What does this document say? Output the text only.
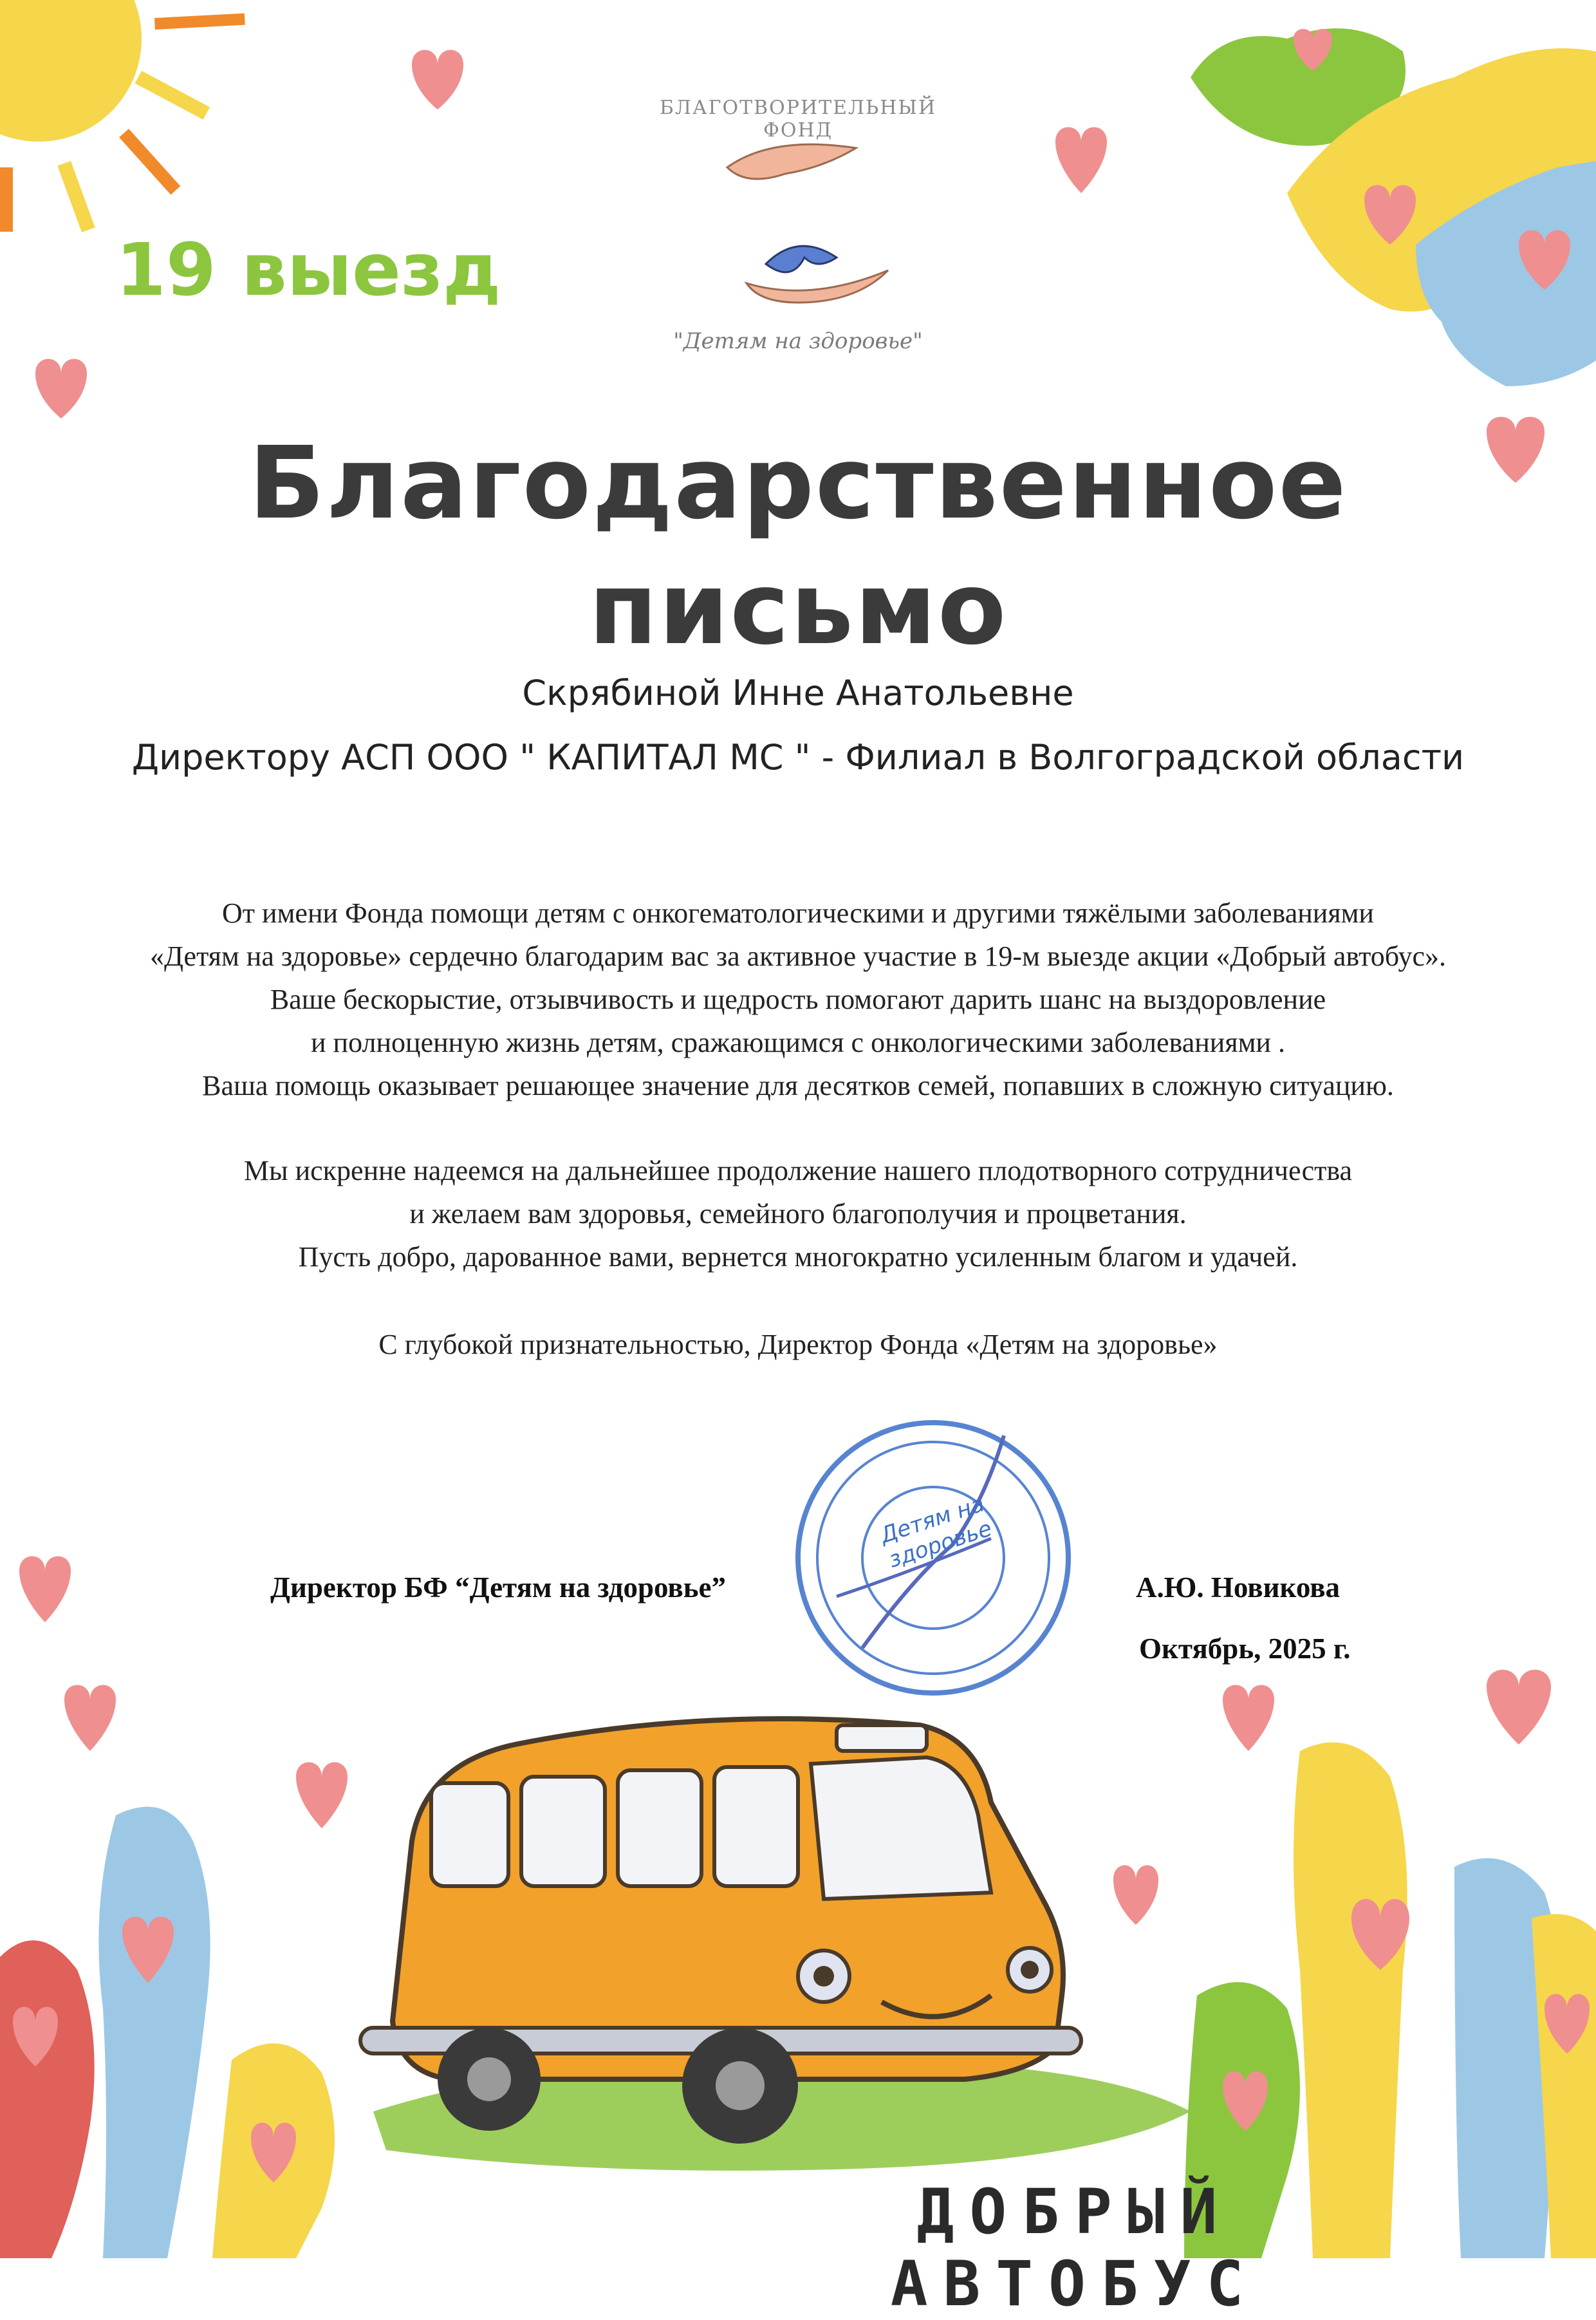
19 выезд
БЛАГОТВОРИТЕЛЬНЫЙ ФОНД
"Детям на здоровье"
Благодарственное
письмо
Скрябиной Инне Анатольевне
Директору АСП ООО " КАПИТАЛ МС " - Филиал в Волгоградской области
От имени Фонда помощи детям с онкогематологическими и другими тяжёлыми заболеваниями
«Детям на здоровье» сердечно благодарим вас за активное участие в 19-м выезде акции «Добрый автобус».
Ваше бескорыстие, отзывчивость и щедрость помогают дарить шанс на выздоровление
и полноценную жизнь детям, сражающимся с онкологическими заболеваниями .
Ваша помощь оказывает решающее значение для десятков семей, попавших в сложную ситуацию.
Мы искренне надеемся на дальнейшее продолжение нашего плодотворного сотрудничества
и желаем вам здоровья, семейного благополучия и процветания.
Пусть добро, дарованное вами, вернется многократно усиленным благом и удачей.
С глубокой признательностью, Директор Фонда «Детям на здоровье»
Директор БФ “Детям на здоровье”	А.Ю. Новикова
Октябрь, 2025 г.
Детям на здоровье
ДОБРЫЙ АВТОБУС
